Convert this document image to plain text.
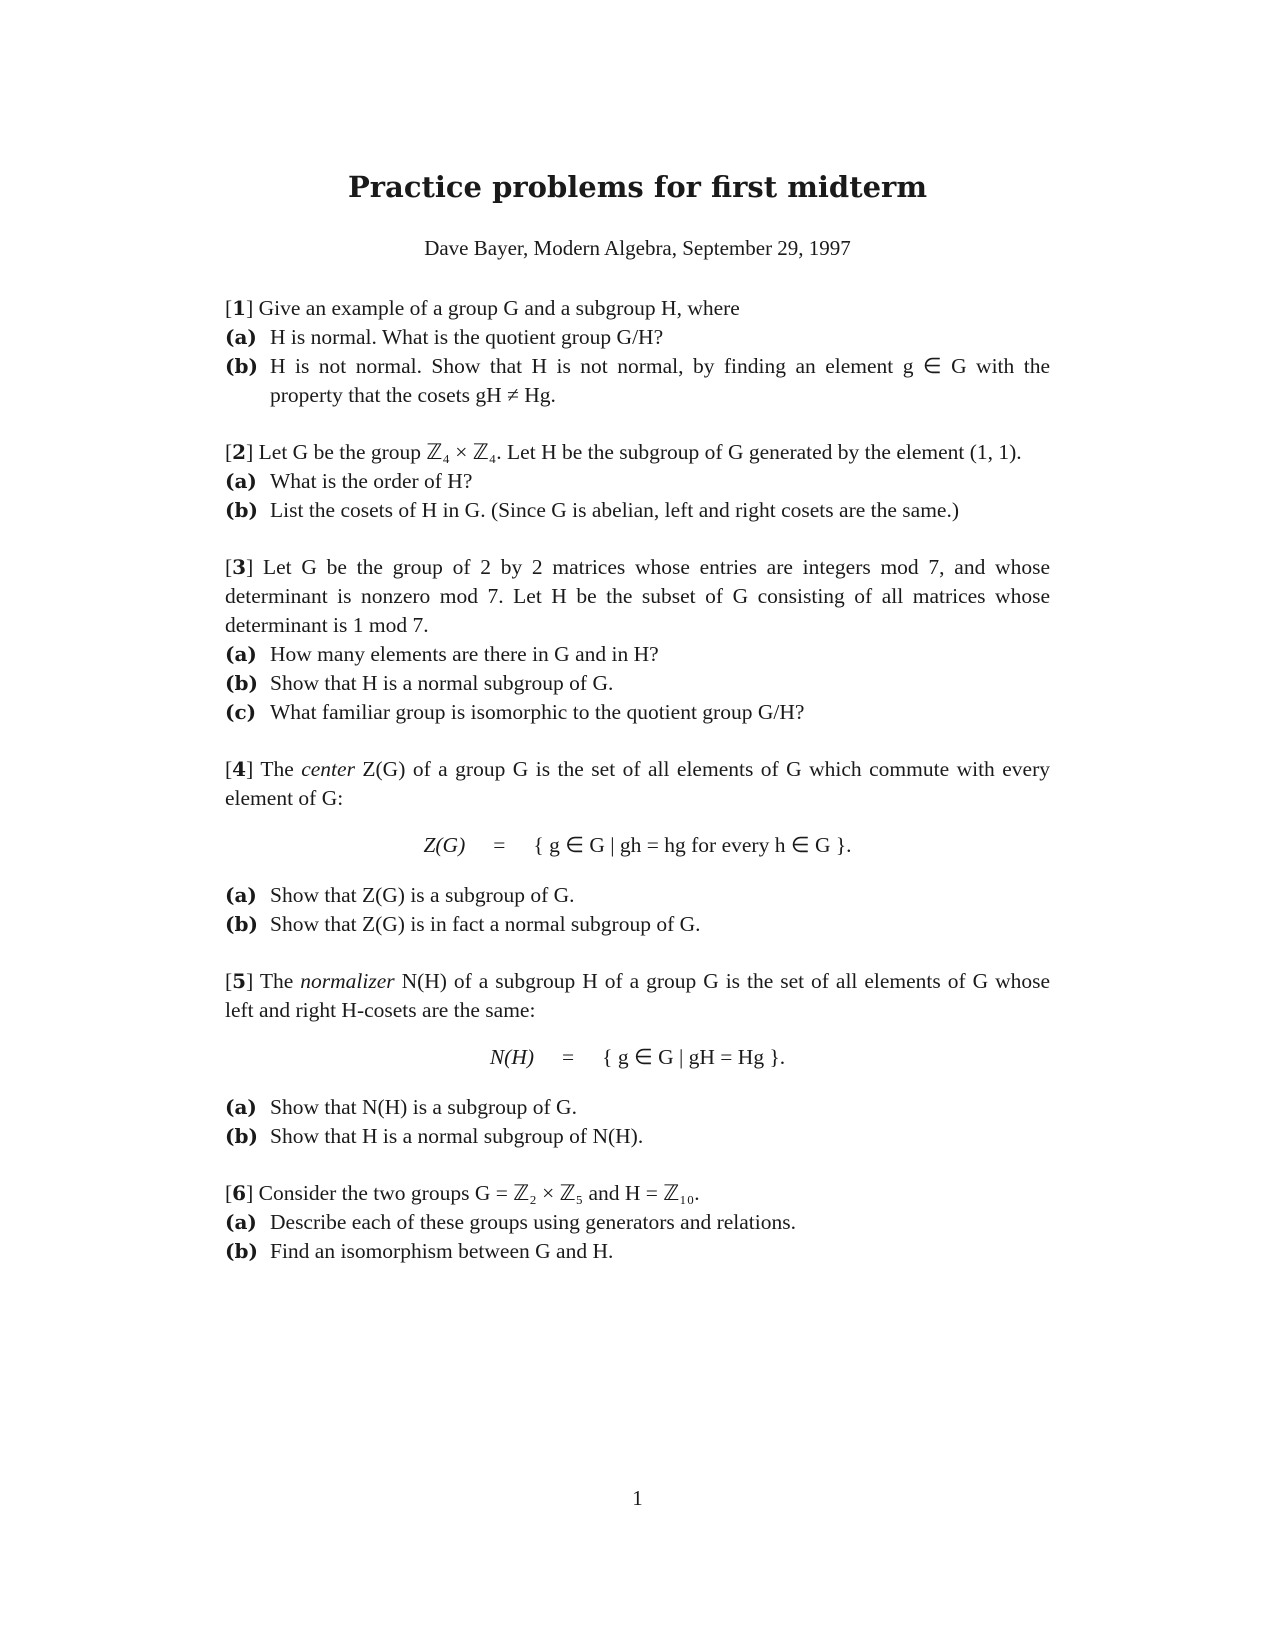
Practice problems for first midterm
Dave Bayer, Modern Algebra, September 29, 1997
[1] Give an example of a group G and a subgroup H, where
(a) H is normal. What is the quotient group G/H?
(b) H is not normal. Show that H is not normal, by finding an element g ∈ G with the property that the cosets gH ≠ Hg.
[2] Let G be the group ℤ₄ × ℤ₄. Let H be the subgroup of G generated by the element (1, 1).
(a) What is the order of H?
(b) List the cosets of H in G. (Since G is abelian, left and right cosets are the same.)
[3] Let G be the group of 2 by 2 matrices whose entries are integers mod 7, and whose determinant is nonzero mod 7. Let H be the subset of G consisting of all matrices whose determinant is 1 mod 7.
(a) How many elements are there in G and in H?
(b) Show that H is a normal subgroup of G.
(c) What familiar group is isomorphic to the quotient group G/H?
[4] The center Z(G) of a group G is the set of all elements of G which commute with every element of G:
Z(G) = { g ∈ G | gh = hg for every h ∈ G }.
(a) Show that Z(G) is a subgroup of G.
(b) Show that Z(G) is in fact a normal subgroup of G.
[5] The normalizer N(H) of a subgroup H of a group G is the set of all elements of G whose left and right H-cosets are the same:
N(H) = { g ∈ G | gH = Hg }.
(a) Show that N(H) is a subgroup of G.
(b) Show that H is a normal subgroup of N(H).
[6] Consider the two groups G = ℤ₂ × ℤ₅ and H = ℤ₁₀.
(a) Describe each of these groups using generators and relations.
(b) Find an isomorphism between G and H.
1
